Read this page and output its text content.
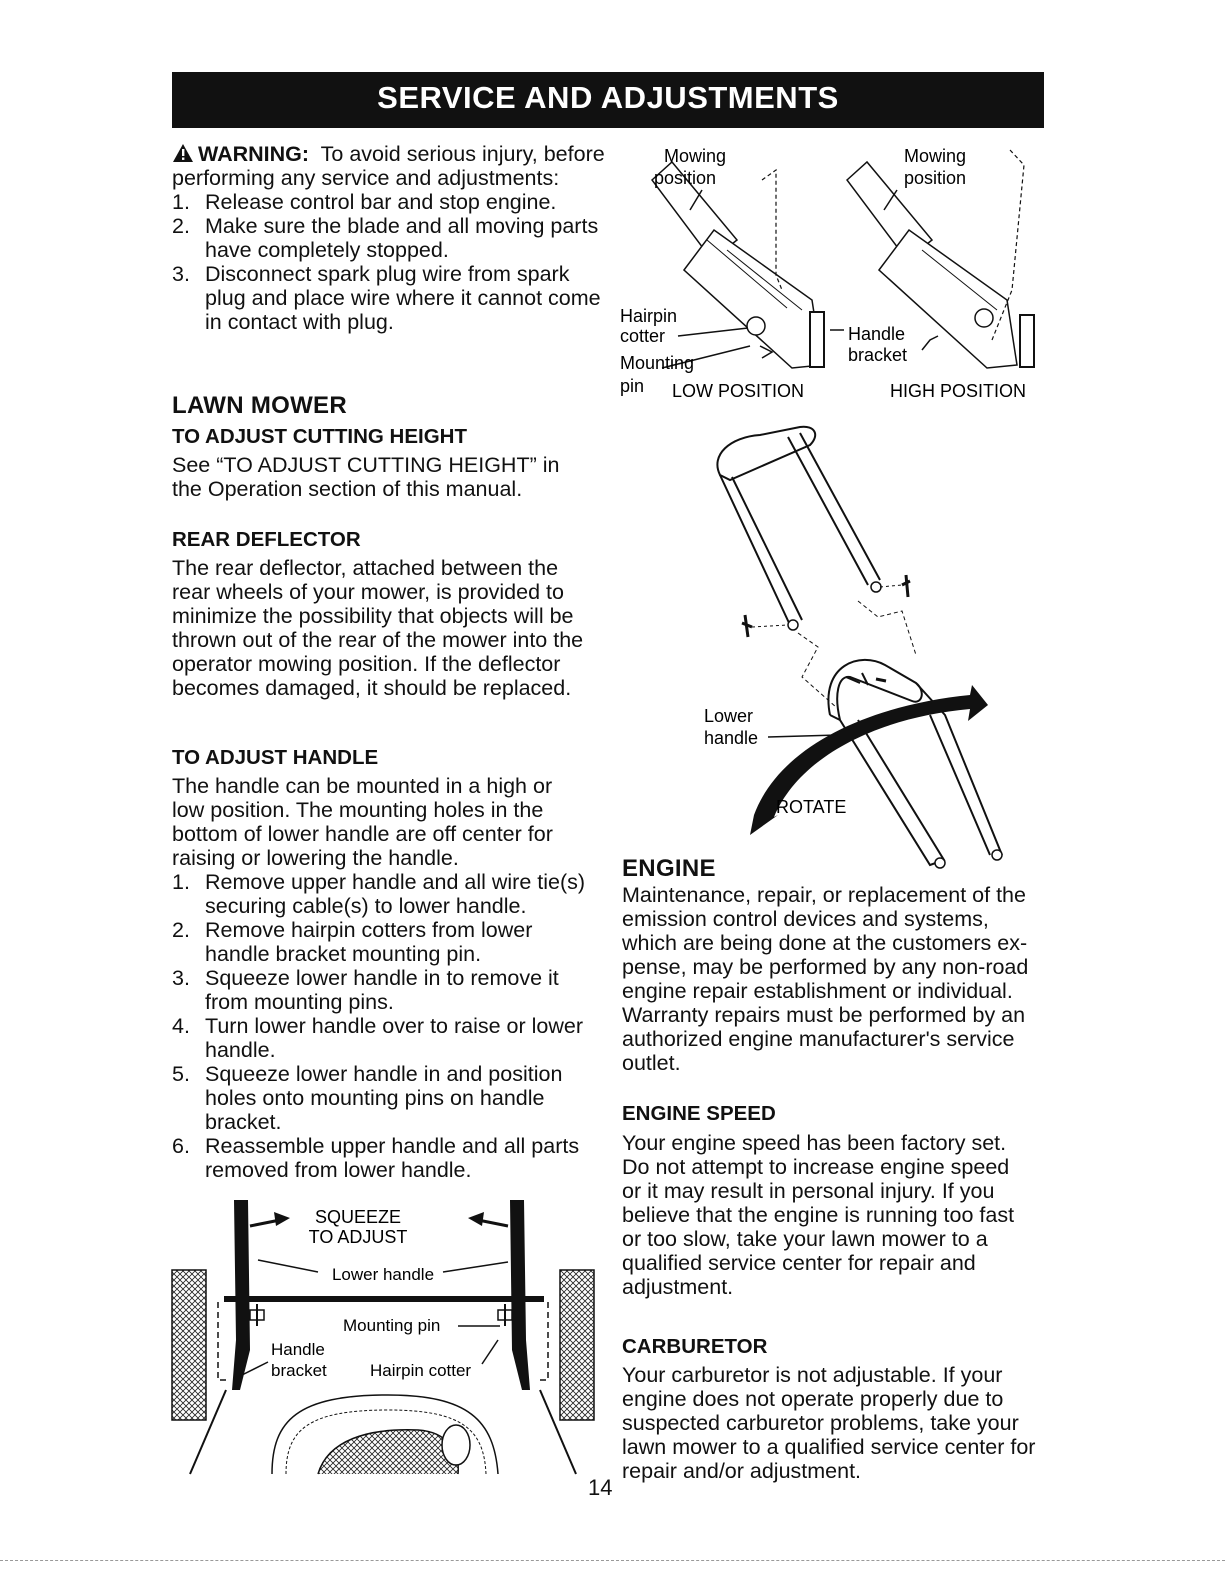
SERVICE AND ADJUSTMENTS
WARNING: To avoid serious injury, before performing any service and adjustments:
1. Release control bar and stop engine.
2. Make sure the blade and all moving parts have completely stopped.
3. Disconnect spark plug wire from spark plug and place wire where it cannot come in contact with plug.
LAWN MOWER
TO ADJUST CUTTING HEIGHT
See “TO ADJUST CUTTING HEIGHT” in the Operation section of this manual.
REAR DEFLECTOR
The rear deflector, attached between the rear wheels of your mower, is provided to minimize the possibility that objects will be thrown out of the rear of the mower into the operator mowing position. If the deflector becomes damaged, it should be replaced.
TO ADJUST HANDLE
The handle can be mounted in a high or low position. The mounting holes in the bottom of lower handle are off center for raising or lowering the handle.
1. Remove upper handle and all wire tie(s) securing cable(s) to lower handle.
2. Remove hairpin cotters from lower handle bracket mounting pin.
3. Squeeze lower handle in to remove it from mounting pins.
4. Turn lower handle over to raise or lower handle.
5. Squeeze lower handle in and position holes onto mounting pins on handle bracket.
6. Reassemble upper handle and all parts removed from lower handle.
SQUEEZE
TO ADJUST
Lower handle
Mounting pin
Handle
bracket	Hairpin cotter
Mowing
position
Mowing
position
Hairpin
cotter
Mounting
pin
Handle
bracket
LOW POSITION	HIGH POSITION
Lower
handle
ROTATE
ENGINE
Maintenance, repair, or replacement of the emission control devices and systems, which are being done at the customers ex-pense, may be performed by any non-road engine repair establishment or individual. Warranty repairs must be performed by an authorized engine manufacturer's service outlet.
ENGINE SPEED
Your engine speed has been factory set. Do not attempt to increase engine speed or it may result in personal injury. If you believe that the engine is running too fast or too slow, take your lawn mower to a qualified service center for repair and adjustment.
CARBURETOR
Your carburetor is not adjustable. If your engine does not operate properly due to suspected carburetor problems, take your lawn mower to a qualified service center for repair and/or adjustment.
14
